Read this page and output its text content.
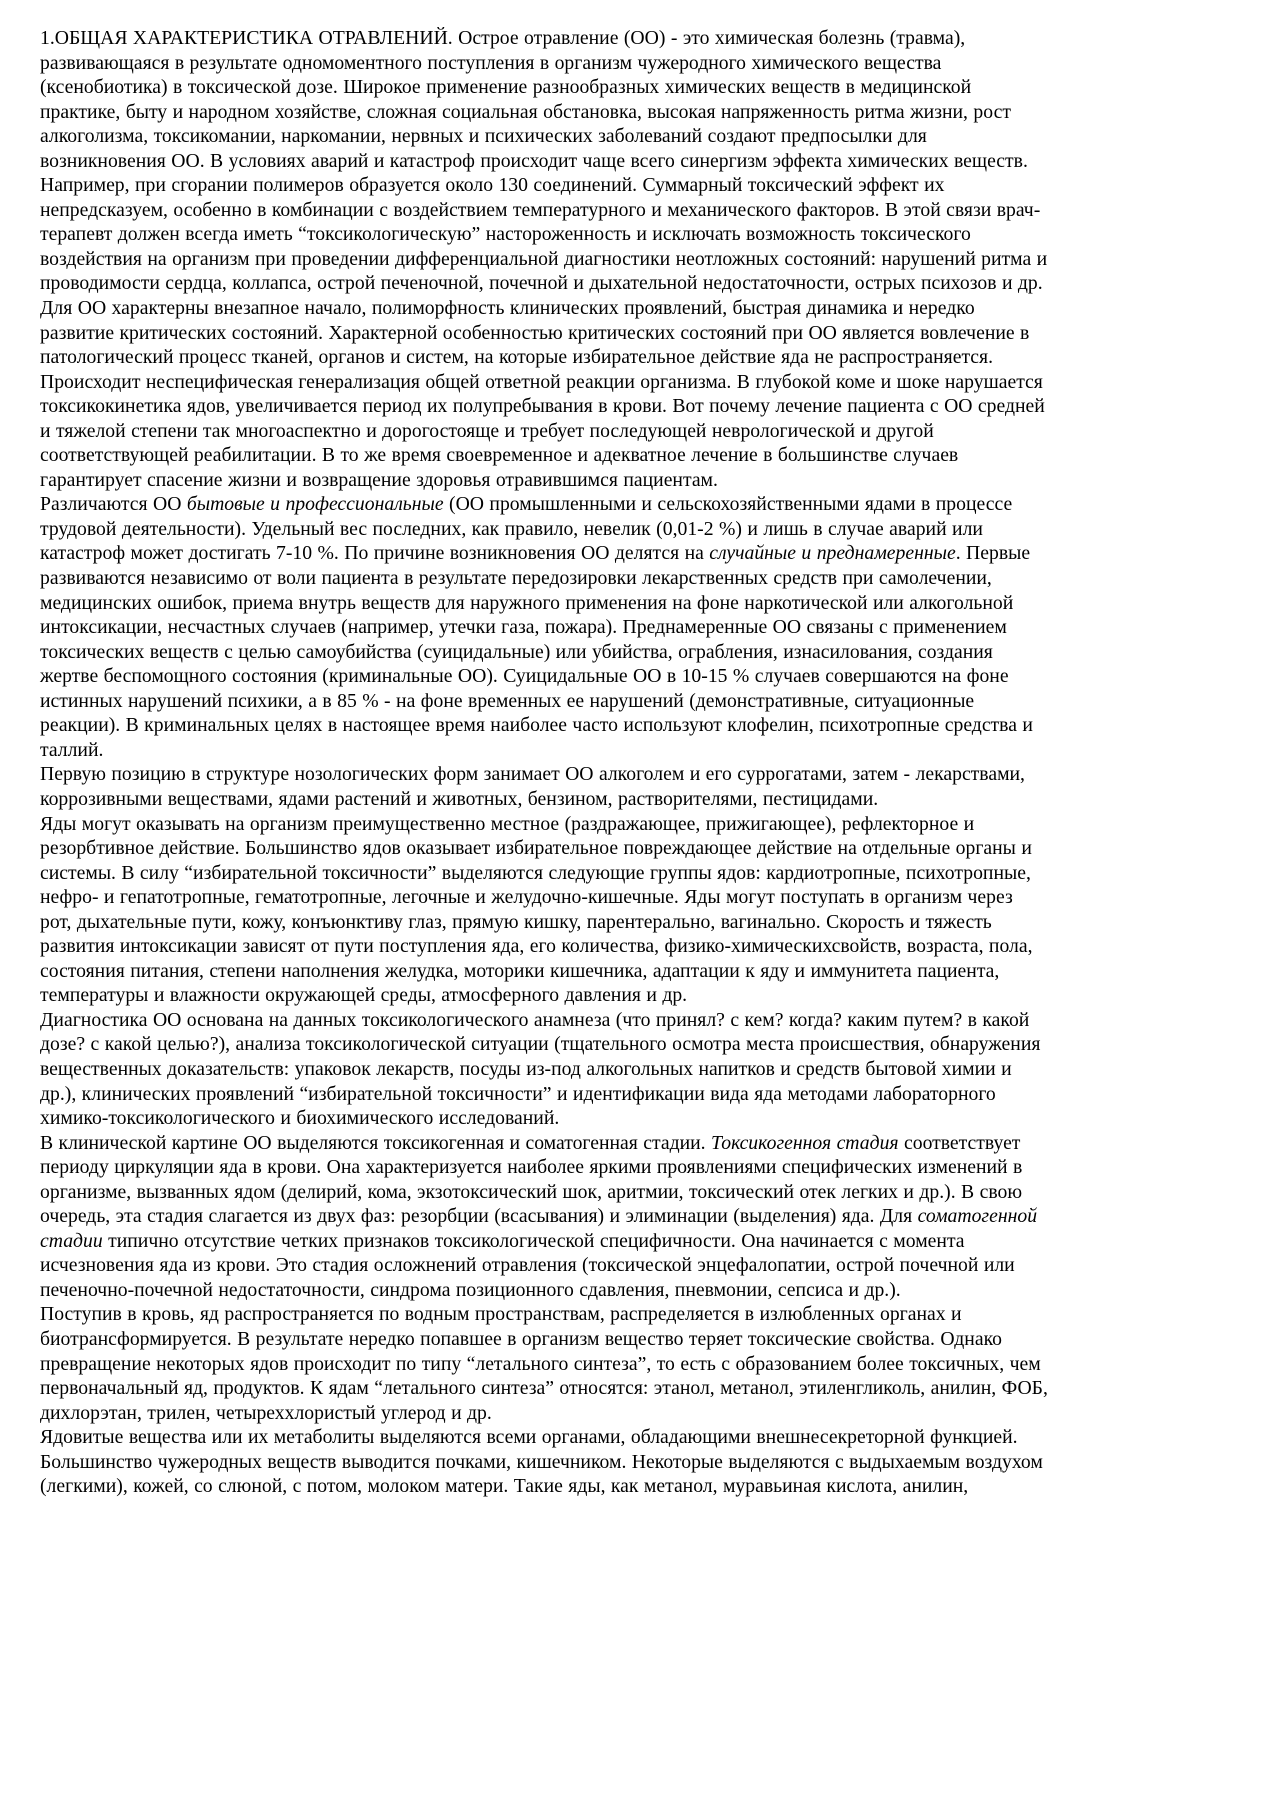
1.ОБЩАЯ ХАРАКТЕРИСТИКА ОТРАВЛЕНИЙ. Острое отравление (ОО) - это химическая болезнь (травма), развивающаяся в результате одномоментного поступления в организм чужеродного химического вещества (ксенобиотика) в токсической дозе. Широкое применение разнообразных химических веществ в медицинской практике, быту и народном хозяйстве, сложная социальная обстановка, высокая напряженность ритма жизни, рост алкоголизма, токсикомании, наркомании, нервных и психических заболеваний создают предпосылки для возникновения ОО. В условиях аварий и катастроф происходит чаще всего синергизм эффекта химических веществ. Например, при сгорании полимеров образуется около 130 соединений. Суммарный токсический эффект их непредсказуем, особенно в комбинации с воздействием температурного и механического факторов. В этой связи врач-терапевт должен всегда иметь “токсикологическую” настороженность и исключать возможность токсического воздействия на организм при проведении дифференциальной диагностики неотложных состояний: нарушений ритма и проводимости сердца, коллапса, острой печеночной, почечной и дыхательной недостаточности, острых психозов и др. Для ОО характерны внезапное начало, полиморфность клинических проявлений, быстрая динамика и нередко развитие критических состояний. Характерной особенностью критических состояний при ОО является вовлечение в патологический процесс тканей, органов и систем, на которые избирательное действие яда не распространяется. Происходит неспецифическая генерализация общей ответной реакции организма. В глубокой коме и шоке нарушается токсикокинетика ядов, увеличивается период их полупребывания в крови. Вот почему лечение пациента с ОО средней и тяжелой степени так многоаспектно и дорогостояще и требует последующей неврологической и другой соответствующей реабилитации. В то же время своевременное и адекватное лечение в большинстве случаев гарантирует спасение жизни и возвращение здоровья отравившимся пациентам.

Различаются ОО бытовые и профессиональные (ОО промышленными и сельскохозяйственными ядами в процессе трудовой деятельности). Удельный вес последних, как правило, невелик (0,01-2 %) и лишь в случае аварий или катастроф может достигать 7-10 %. По причине возникновения ОО делятся на случайные и преднамеренные. Первые развиваются независимо от воли пациента в результате передозировки лекарственных средств при самолечении, медицинских ошибок, приема внутрь веществ для наружного применения на фоне наркотической или алкогольной интоксикации, несчастных случаев (например, утечки газа, пожара). Преднамеренные ОО связаны с применением токсических веществ с целью самоубийства (суицидальные) или убийства, ограбления, изнасилования, создания жертве беспомощного состояния (криминальные ОО). Суицидальные ОО в 10-15 % случаев совершаются на фоне истинных нарушений психики, а в 85 % - на фоне временных ее нарушений (демонстративные, ситуационные реакции). В криминальных целях в настоящее время наиболее часто используют клофелин, психотропные средства и таллий.

Первую позицию в структуре нозологических форм занимает ОО алкоголем и его суррогатами, затем - лекарствами, коррозивными веществами, ядами растений и животных, бензином, растворителями, пестицидами.

Яды могут оказывать на организм преимущественно местное (раздражающее, прижигающее), рефлекторное и резорбтивное действие. Большинство ядов оказывает избирательное повреждающее действие на отдельные органы и системы. В силу “избирательной токсичности” выделяются следующие группы ядов: кардиотропные, психотропные, нефро- и гепатотропные, гематотропные, легочные и желудочно-кишечные. Яды могут поступать в организм через рот, дыхательные пути, кожу, конъюнктиву глаз, прямую кишку, парентерально, вагинально. Скорость и тяжесть развития интоксикации зависят от пути поступления яда, его количества, физико-химическихсвойств, возраста, пола, состояния питания, степени наполнения желудка, моторики кишечника, адаптации к яду и иммунитета пациента, температуры и влажности окружающей среды, атмосферного давления и др.

Диагностика ОО основана на данных токсикологического анамнеза (что принял? с кем? когда? каким путем? в какой дозе? с какой целью?), анализа токсикологической ситуации (тщательного осмотра места происшествия, обнаружения вещественных доказательств: упаковок лекарств, посуды из-под алкогольных напитков и средств бытовой химии и др.), клинических проявлений “избирательной токсичности” и идентификации вида яда методами лабораторного химико-токсикологического и биохимического исследований.

В клинической картине ОО выделяются токсикогенная и соматогенная стадии. Токсикогенноя стадия соответствует периоду циркуляции яда в крови. Она характеризуется наиболее яркими проявлениями специфических изменений в организме, вызванных ядом (делирий, кома, экзотоксический шок, аритмии, токсический отек легких и др.). В свою очередь, эта стадия слагается из двух фаз: резорбции (всасывания) и элиминации (выделения) яда. Для соматогенной стадии типично отсутствие четких признаков токсикологической специфичности. Она начинается с момента исчезновения яда из крови. Это стадия осложнений отравления (токсической энцефалопатии, острой почечной или печеночно-почечной недостаточности, синдрома позиционного сдавления, пневмонии, сепсиса и др.).

Поступив в кровь, яд распространяется по водным пространствам, распределяется в излюбленных органах и биотрансформируется. В результате нередко попавшее в организм вещество теряет токсические свойства. Однако превращение некоторых ядов происходит по типу “летального синтеза”, то есть с образованием более токсичных, чем первоначальный яд, продуктов. К ядам “летального синтеза” относятся: этанол, метанол, этиленгликоль, анилин, ФОБ, дихлорэтан, трилен, четыреххлористый углерод и др.

Ядовитые вещества или их метаболиты выделяются всеми органами, обладающими внешнесекреторной функцией. Большинство чужеродных веществ выводится почками, кишечником. Некоторые выделяются с выдыхаемым воздухом (легкими), кожей, со слюной, с потом, молоком матери. Такие яды, как метанол, муравьиная кислота, анилин,
